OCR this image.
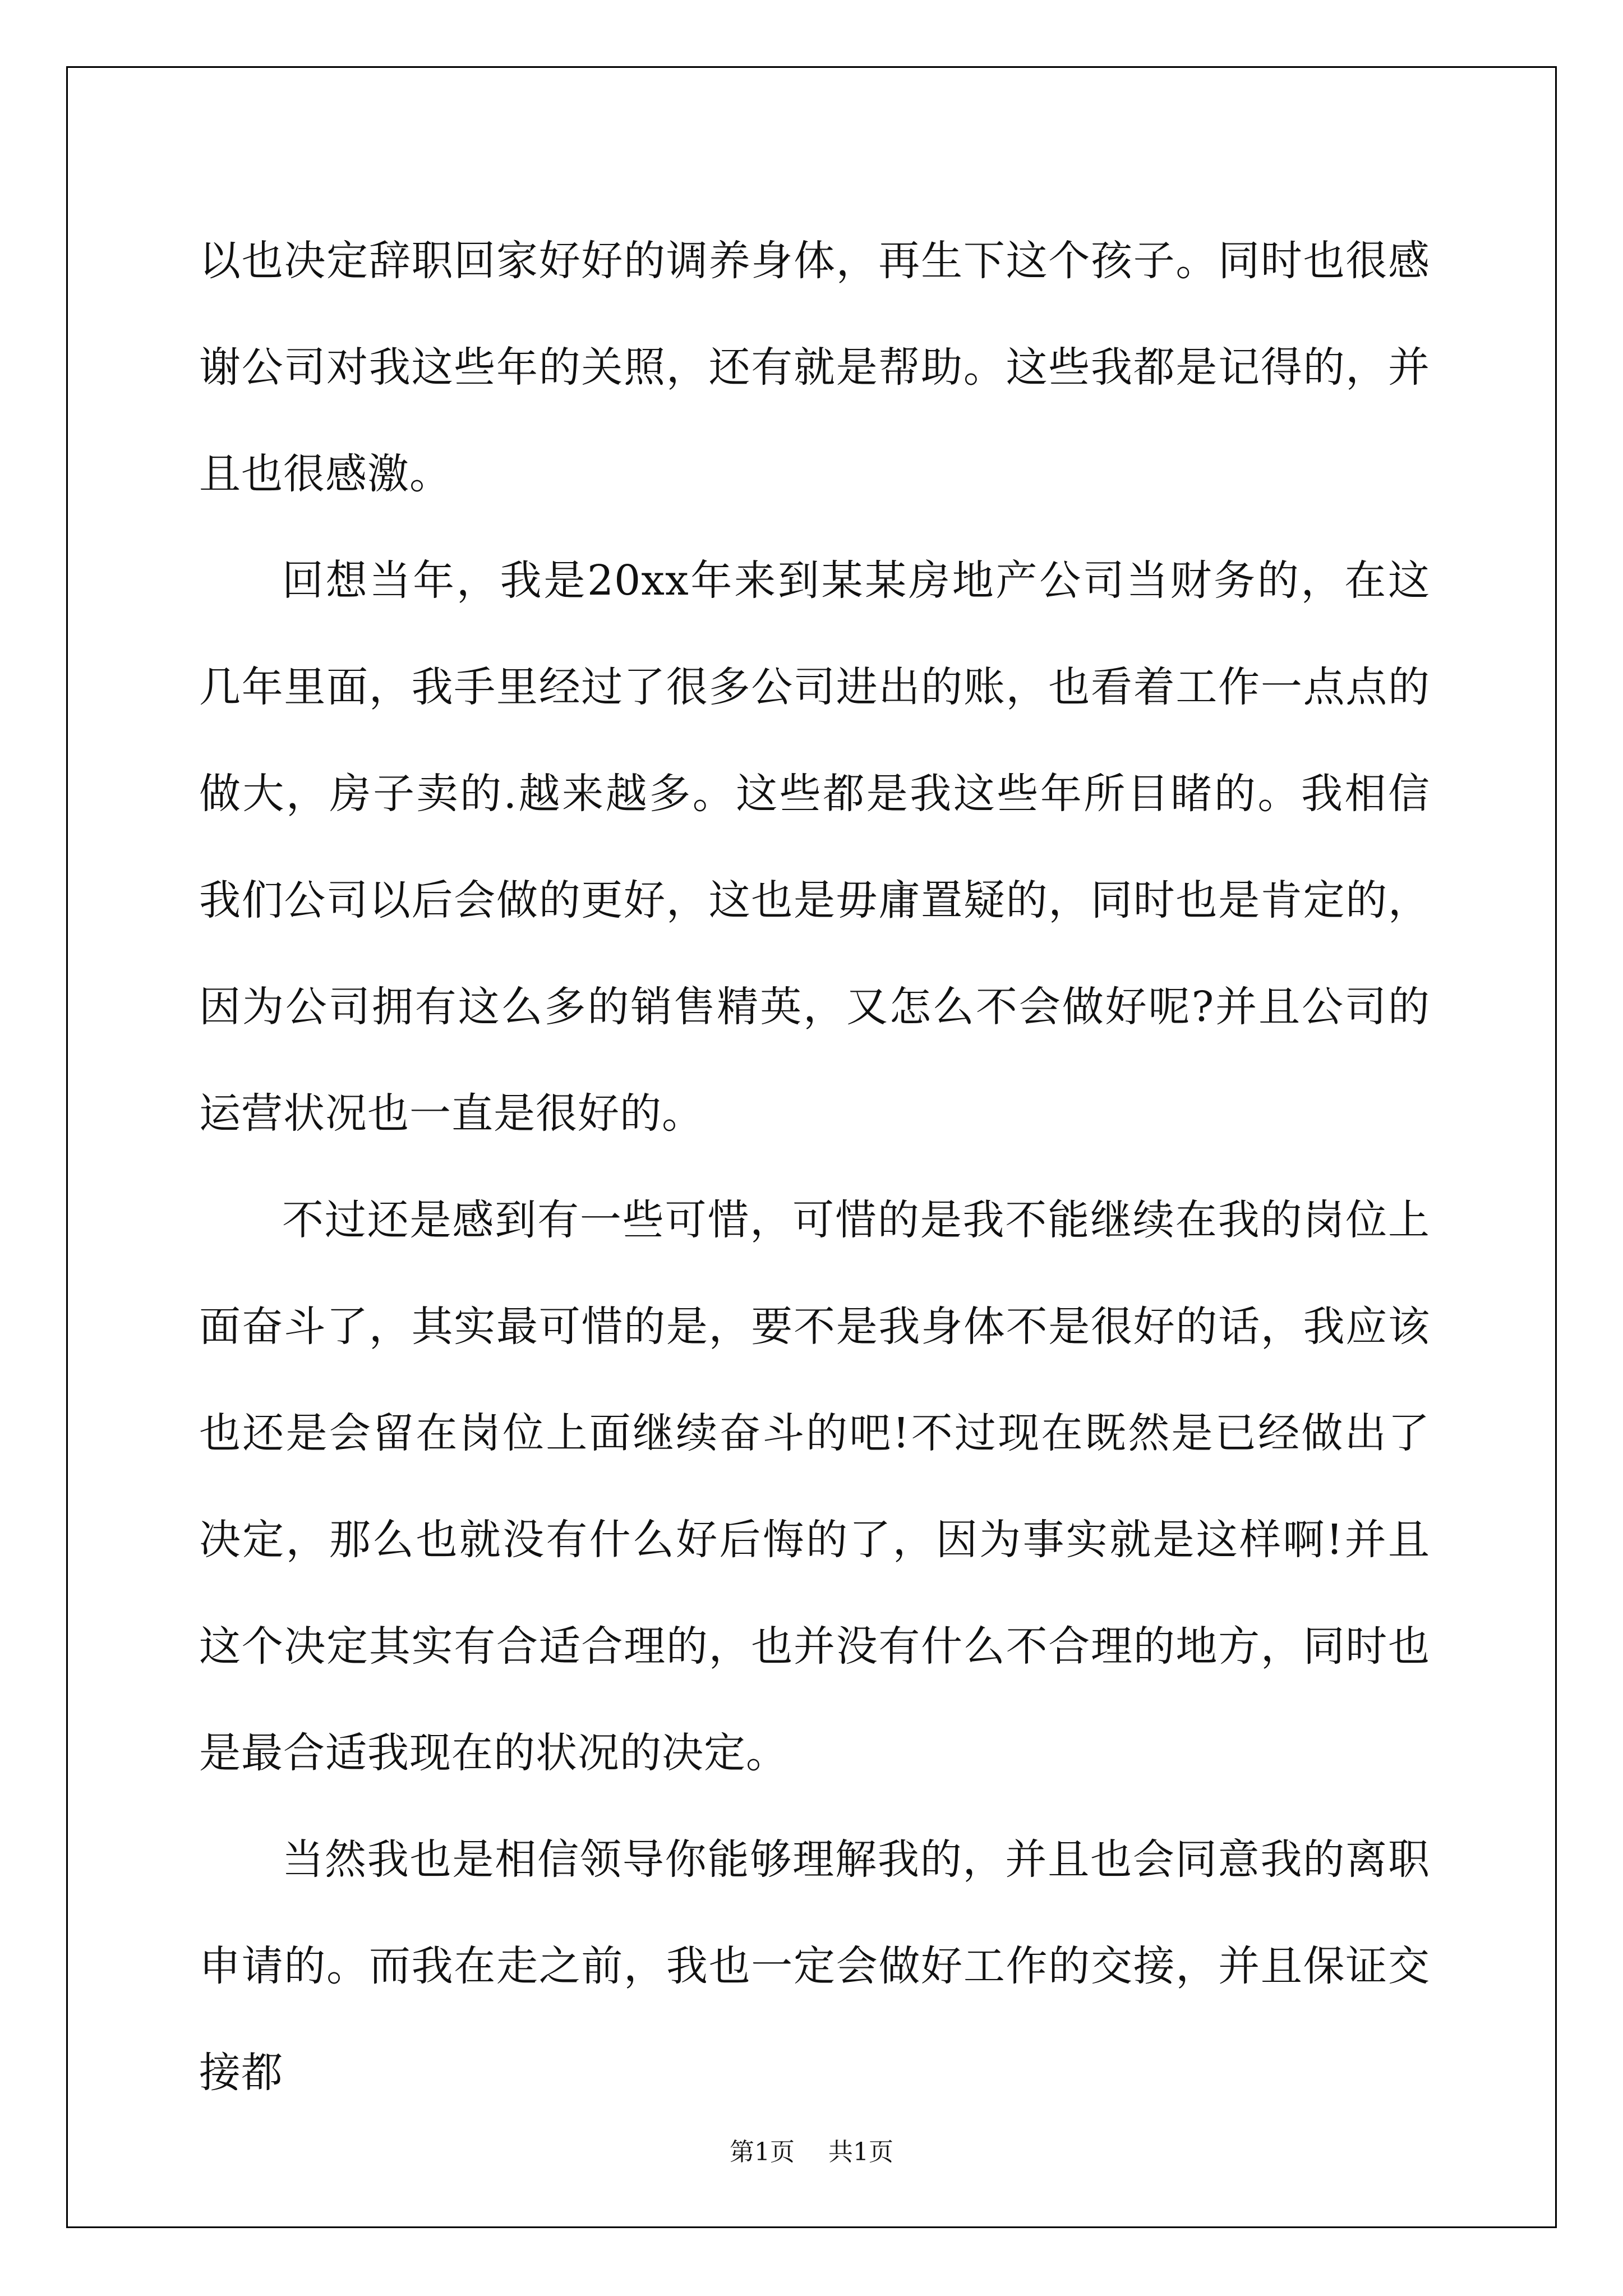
以也决定辞职回家好好的调养身体，再生下这个孩子。同时也很感谢公司对我这些年的关照，还有就是帮助。这些我都是记得的，并且也很感激。

回想当年，我是20xx年来到某某房地产公司当财务的，在这几年里面，我手里经过了很多公司进出的账，也看着工作一点点的做大，房子卖的.越来越多。这些都是我这些年所目睹的。我相信我们公司以后会做的更好，这也是毋庸置疑的，同时也是肯定的，因为公司拥有这么多的销售精英，又怎么不会做好呢?并且公司的运营状况也一直是很好的。

不过还是感到有一些可惜，可惜的是我不能继续在我的岗位上面奋斗了，其实最可惜的是，要不是我身体不是很好的话，我应该也还是会留在岗位上面继续奋斗的吧!不过现在既然是已经做出了决定，那么也就没有什么好后悔的了，因为事实就是这样啊!并且这个决定其实有合适合理的，也并没有什么不合理的地方，同时也是最合适我现在的状况的决定。

当然我也是相信领导你能够理解我的，并且也会同意我的离职申请的。而我在走之前，我也一定会做好工作的交接，并且保证交接都

第1页 共1页
